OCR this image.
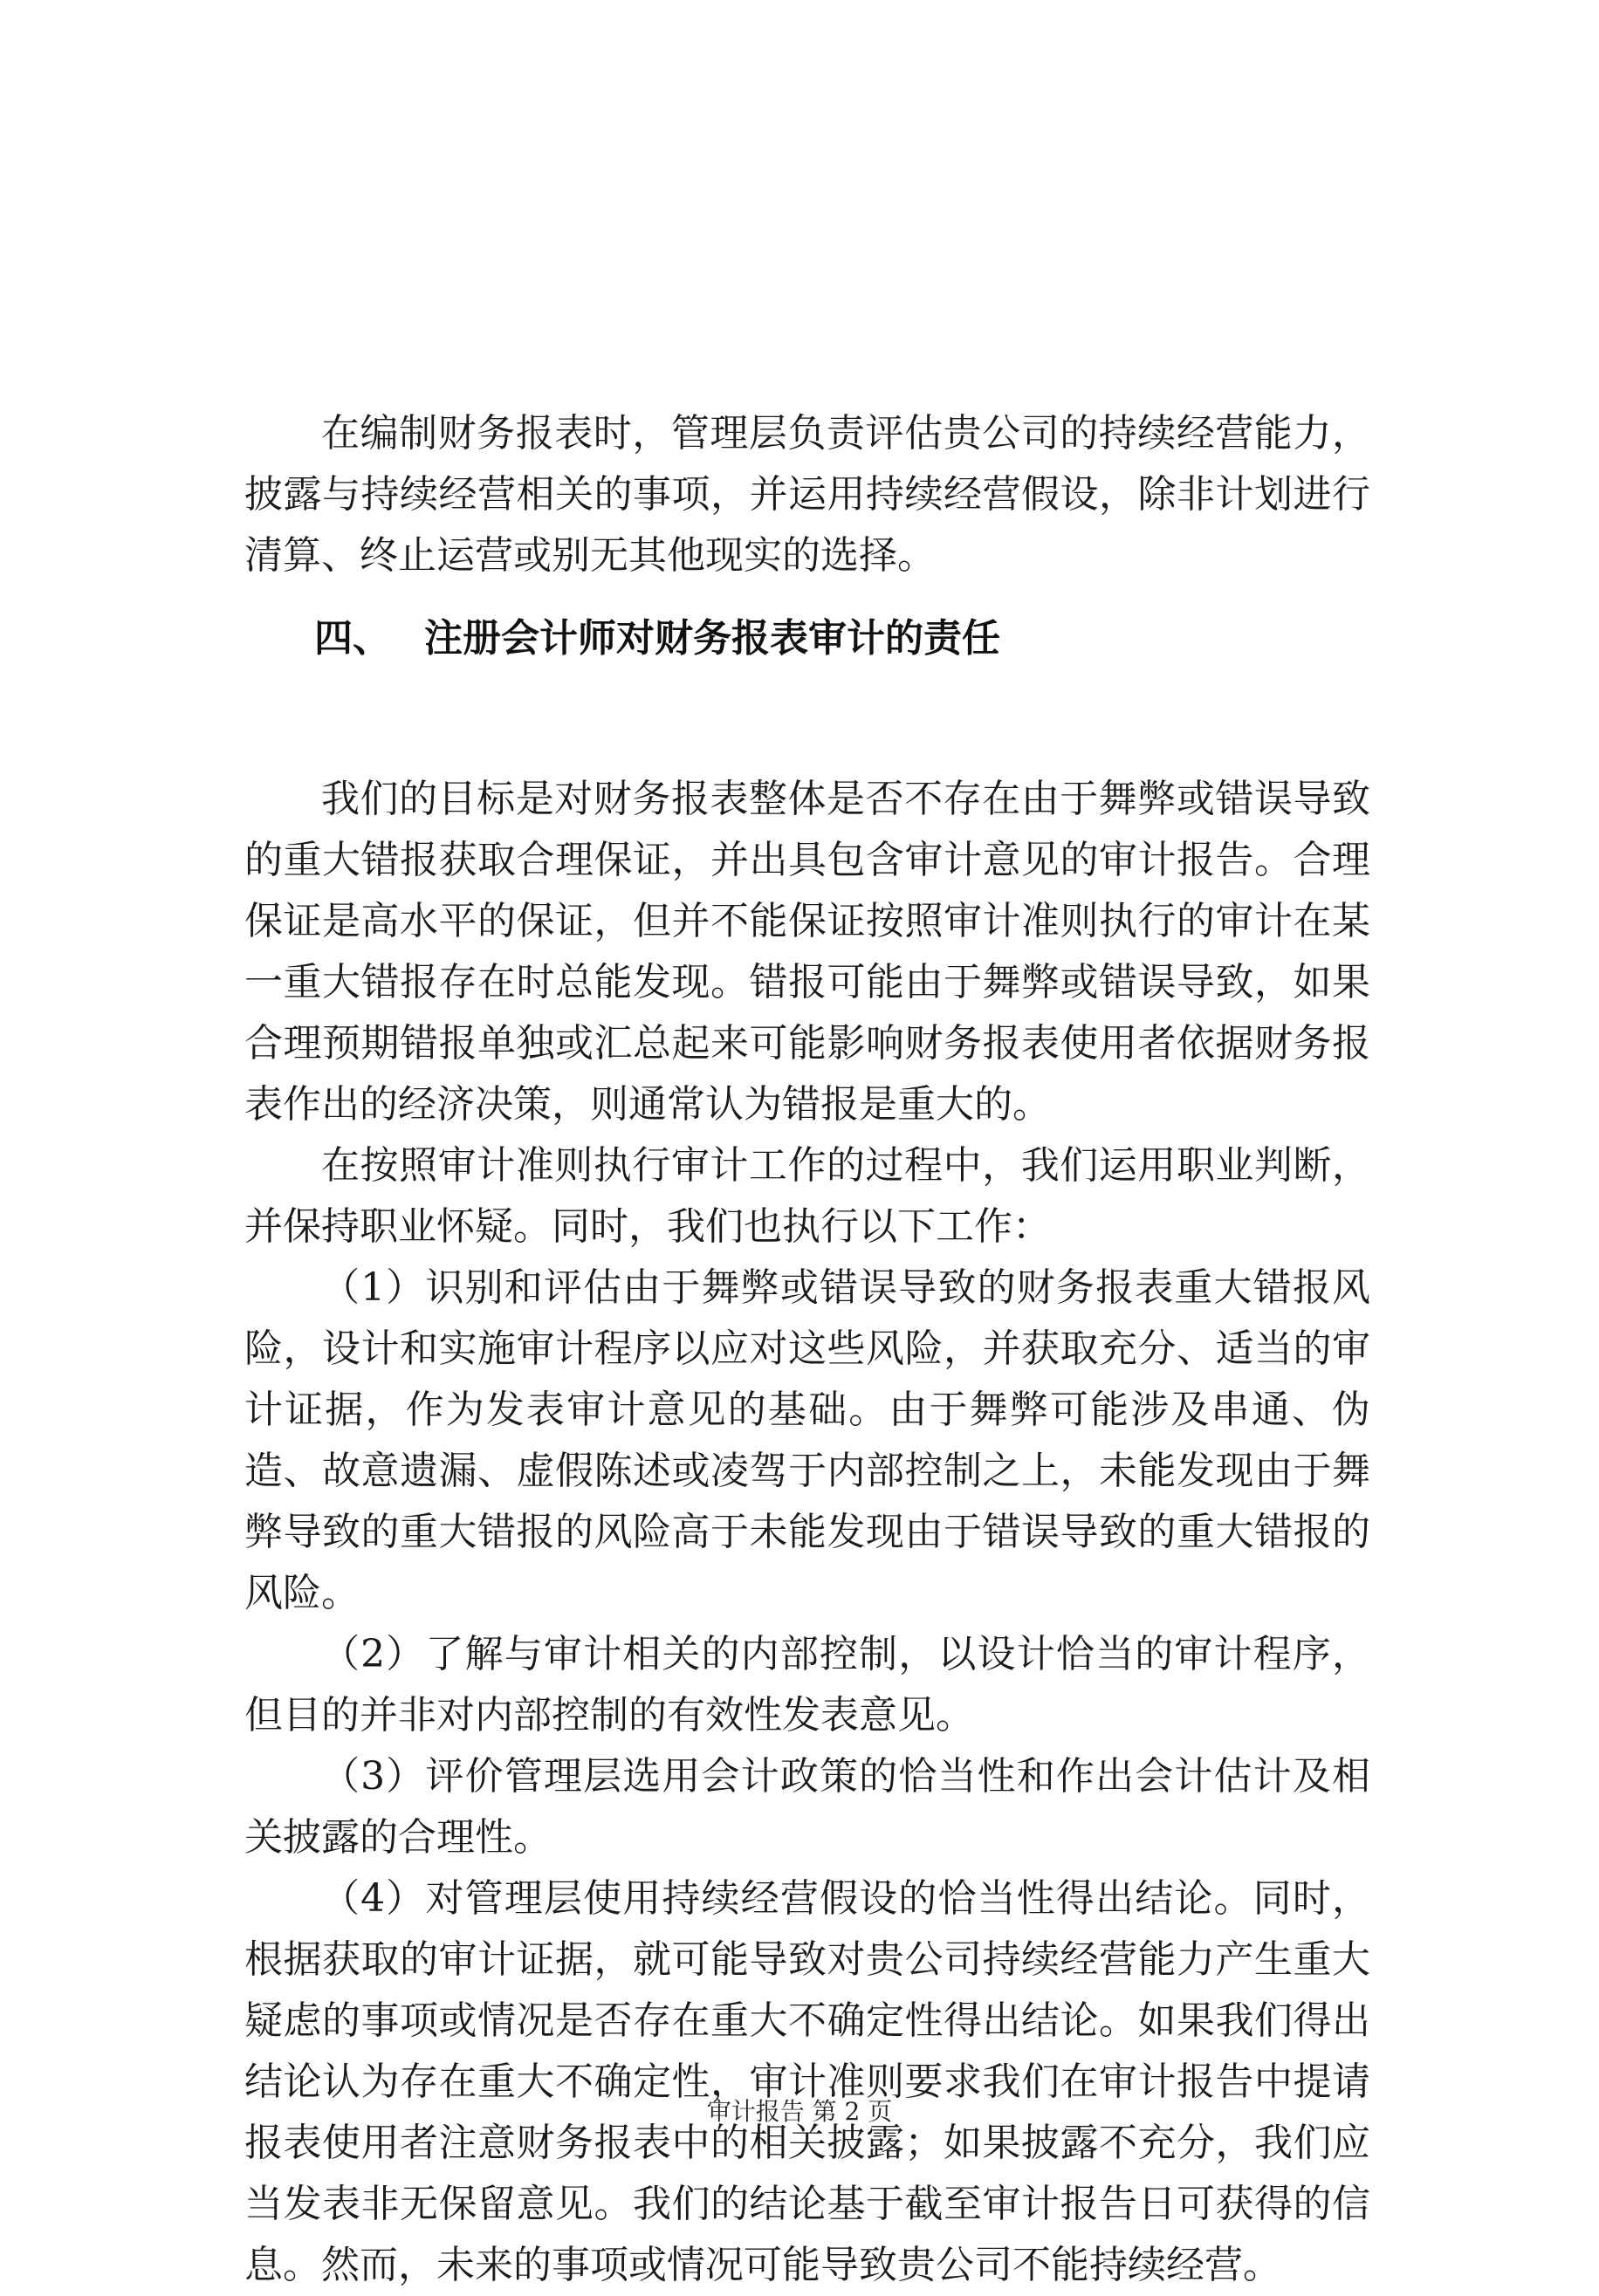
在编制财务报表时，管理层负责评估贵公司的持续经营能力，披露与持续经营相关的事项，并运用持续经营假设，除非计划进行清算、终止运营或别无其他现实的选择。

四、 注册会计师对财务报表审计的责任

我们的目标是对财务报表整体是否不存在由于舞弊或错误导致的重大错报获取合理保证，并出具包含审计意见的审计报告。合理保证是高水平的保证，但并不能保证按照审计准则执行的审计在某一重大错报存在时总能发现。错报可能由于舞弊或错误导致，如果合理预期错报单独或汇总起来可能影响财务报表使用者依据财务报表作出的经济决策，则通常认为错报是重大的。

在按照审计准则执行审计工作的过程中，我们运用职业判断，并保持职业怀疑。同时，我们也执行以下工作：

（1）识别和评估由于舞弊或错误导致的财务报表重大错报风险，设计和实施审计程序以应对这些风险，并获取充分、适当的审计证据，作为发表审计意见的基础。由于舞弊可能涉及串通、伪造、故意遗漏、虚假陈述或凌驾于内部控制之上，未能发现由于舞弊导致的重大错报的风险高于未能发现由于错误导致的重大错报的风险。

（2）了解与审计相关的内部控制，以设计恰当的审计程序，但目的并非对内部控制的有效性发表意见。

（3）评价管理层选用会计政策的恰当性和作出会计估计及相关披露的合理性。

（4）对管理层使用持续经营假设的恰当性得出结论。同时，根据获取的审计证据，就可能导致对贵公司持续经营能力产生重大疑虑的事项或情况是否存在重大不确定性得出结论。如果我们得出结论认为存在重大不确定性，审计准则要求我们在审计报告中提请报表使用者注意财务报表中的相关披露；如果披露不充分，我们应当发表非无保留意见。我们的结论基于截至审计报告日可获得的信息。然而，未来的事项或情况可能导致贵公司不能持续经营。

审计报告 第 2 页
